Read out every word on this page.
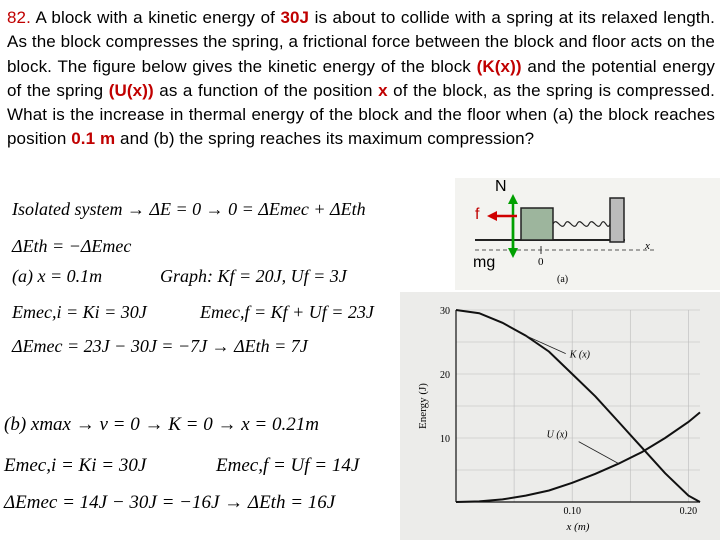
82. A block with a kinetic energy of 30J is about to collide with a spring at its relaxed length. As the block compresses the spring, a frictional force between the block and floor acts on the block. The figure below gives the kinetic energy of the block (K(x)) and the potential energy of the spring (U(x)) as a function of the position x of the block, as the spring is compressed. What is the increase in thermal energy of the block and the floor when (a) the block reaches position 0.1 m and (b) the spring reaches its maximum compression?
Isolated system → ΔE = 0 → 0 = ΔEmec + ΔEth
ΔEth = −ΔEmec
(a) x = 0.1m	Graph: Kf = 20J, Uf = 3J
Emec,i = Ki = 30J	Emec,f = Kf + Uf = 23J
ΔEmec = 23J − 30J = −7J → ΔEth = 7J
(b) xmax → v = 0 → K = 0 → x = 0.21m
Emec,i = Ki = 30J	Emec,f = Uf = 14J
ΔEmec = 14J − 30J = −16J → ΔEth = 16J
N
f
mg	0
x
(a)
30
20
10
0.10	0.20
Energy (J)
x (m)
K (x)
U (x)
